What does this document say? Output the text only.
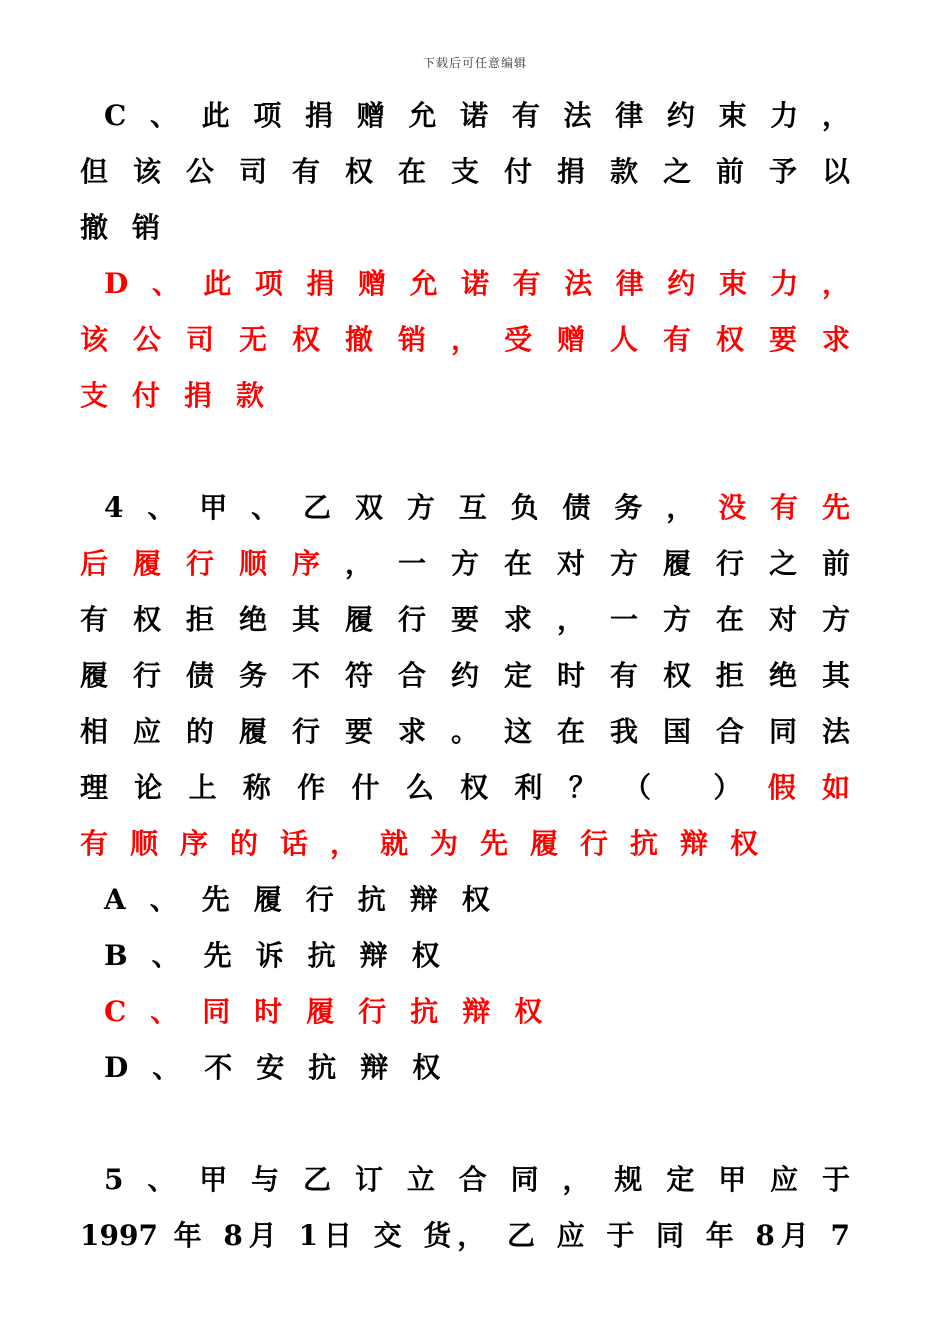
下载后可任意编辑
C、此项捐赠允诺有法律约束力，
但该公司有权在支付捐款之前予以
撤销
D、此项捐赠允诺有法律约束力，
该公司无权撤销，受赠人有权要求
支付捐款
4、甲、乙双方互负债务，没有先
后履行顺序，一方在对方履行之前
有权拒绝其履行要求，一方在对方
履行债务不符合约定时有权拒绝其
相应的履行要求。这在我国合同法
理论上称作什么权利？（ ）假如
有顺序的话，就为先履行抗辩权
A、先履行抗辩权
B、先诉抗辩权
C、同时履行抗辩权
D、不安抗辩权
5、甲与乙订立合同，规定甲应于
1997 年 8月 1日 交 货， 乙 应 于 同 年 8月 7
